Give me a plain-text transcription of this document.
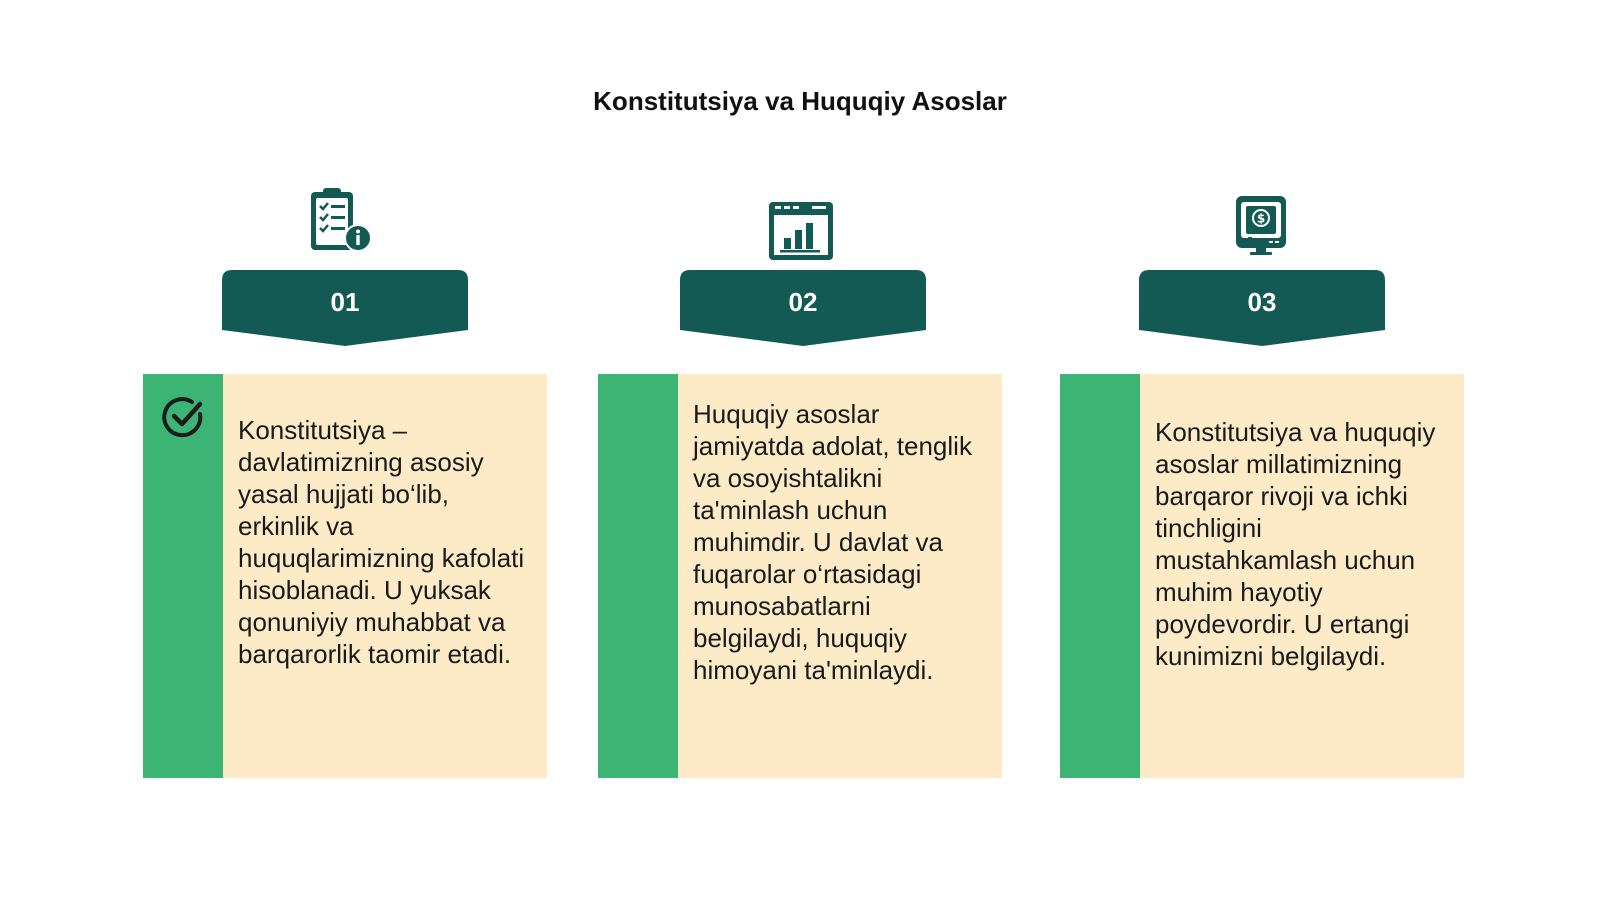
Konstitutsiya va Huquqiy Asoslar
01
Konstitutsiya – davlatimizning asosiy yasal hujjati bo‘lib, erkinlik va huquqlarimizning kafolati hisoblanadi. U yuksak qonuniyiy muhabbat va barqarorlik taomir etadi.
02
Huquqiy asoslar jamiyatda adolat, tenglik va osoyishtalikni ta'minlash uchun muhimdir. U davlat va fuqarolar o‘rtasidagi munosabatlarni belgilaydi, huquqiy himoyani ta'minlaydi.
$
03
Konstitutsiya va huquqiy asoslar millatimizning barqaror rivoji va ichki tinchligini mustahkamlash uchun muhim hayotiy poydevordir. U ertangi kunimizni belgilaydi.
